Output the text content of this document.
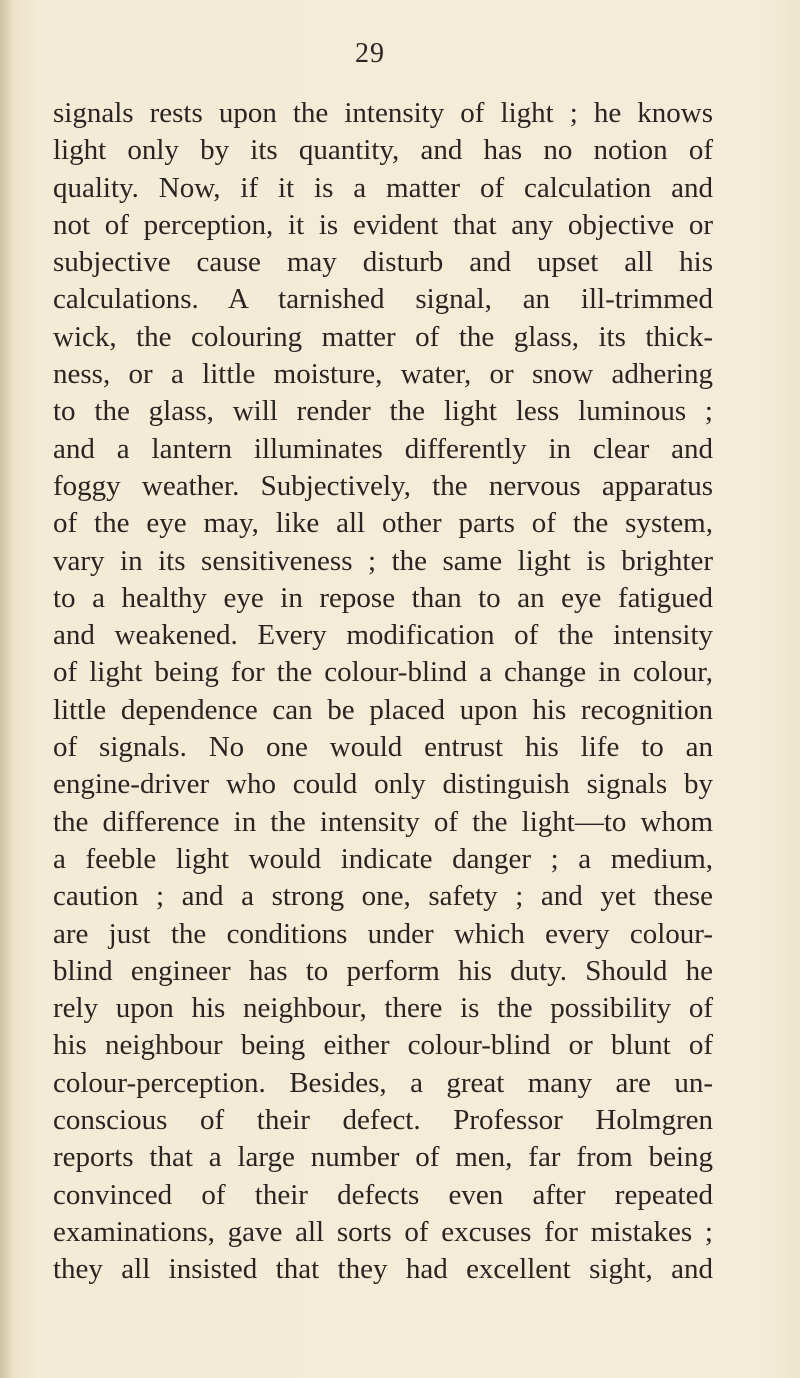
29
signals rests upon the intensity of light ; he knows
light only by its quantity, and has no notion of
quality. Now, if it is a matter of calculation and
not of perception, it is evident that any objective or
subjective cause may disturb and upset all his
calculations. A tarnished signal, an ill-trimmed
wick, the colouring matter of the glass, its thick-
ness, or a little moisture, water, or snow adhering
to the glass, will render the light less luminous ;
and a lantern illuminates differently in clear and
foggy weather. Subjectively, the nervous apparatus
of the eye may, like all other parts of the system,
vary in its sensitiveness ; the same light is brighter
to a healthy eye in repose than to an eye fatigued
and weakened. Every modification of the intensity
of light being for the colour-blind a change in colour,
little dependence can be placed upon his recognition
of signals. No one would entrust his life to an
engine-driver who could only distinguish signals by
the difference in the intensity of the light—to whom
a feeble light would indicate danger ; a medium,
caution ; and a strong one, safety ; and yet these
are just the conditions under which every colour-
blind engineer has to perform his duty. Should he
rely upon his neighbour, there is the possibility of
his neighbour being either colour-blind or blunt of
colour-perception. Besides, a great many are un-
conscious of their defect. Professor Holmgren
reports that a large number of men, far from being
convinced of their defects even after repeated
examinations, gave all sorts of excuses for mistakes ;
they all insisted that they had excellent sight, and
